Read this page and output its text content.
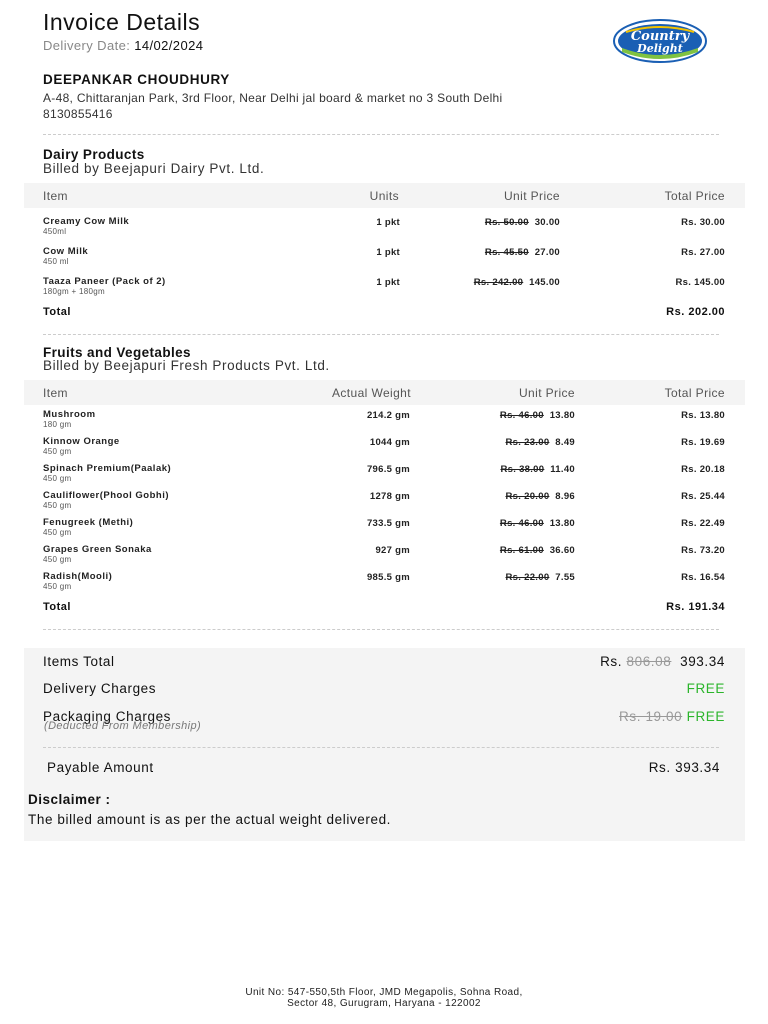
Invoice Details
Delivery Date: 14/02/2024
Country
Delight
DEEPANKAR CHOUDHURY
A-48, Chittaranjan Park, 3rd Floor, Near Delhi jal board & market no 3 South Delhi
8130855416
Dairy Products
Billed by Beejapuri Dairy Pvt. Ltd.
Item	Units	Unit Price	Total Price
Creamy Cow Milk
450ml
1 pkt	Rs. 50.00 30.00	Rs. 30.00
Cow Milk
450 ml
1 pkt	Rs. 45.50 27.00	Rs. 27.00
Taaza Paneer (Pack of 2)
180gm + 180gm
1 pkt	Rs. 242.00 145.00	Rs. 145.00
Total	Rs. 202.00
Fruits and Vegetables
Billed by Beejapuri Fresh Products Pvt. Ltd.
Item	Actual Weight	Unit Price	Total Price
Mushroom
180 gm
214.2 gm	Rs. 46.00 13.80	Rs. 13.80
Kinnow Orange
450 gm
1044 gm	Rs. 23.00 8.49	Rs. 19.69
Spinach Premium(Paalak)
450 gm
796.5 gm	Rs. 38.00 11.40	Rs. 20.18
Cauliflower(Phool Gobhi)
450 gm
1278 gm	Rs. 20.00 8.96	Rs. 25.44
Fenugreek (Methi)
450 gm
733.5 gm	Rs. 46.00 13.80	Rs. 22.49
Grapes Green Sonaka
450 gm
927 gm	Rs. 61.00 36.60	Rs. 73.20
Radish(Mooli)
450 gm
985.5 gm	Rs. 22.00 7.55	Rs. 16.54
Total	Rs. 191.34
Items Total	Rs. 806.08 393.34
Delivery Charges	FREE
Packaging Charges
(Deducted From Membership)
Rs. 19.00 FREE
Payable Amount	Rs. 393.34
Disclaimer :
The billed amount is as per the actual weight delivered.
Unit No: 547-550,5th Floor, JMD Megapolis, Sohna Road,
Sector 48, Gurugram, Haryana - 122002
